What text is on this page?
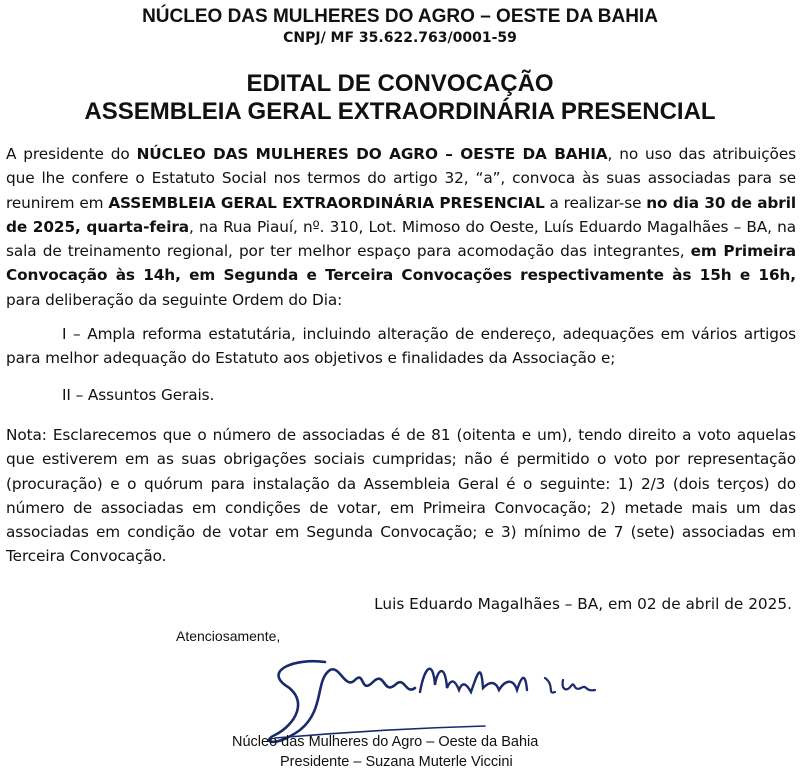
NÚCLEO DAS MULHERES DO AGRO – OESTE DA BAHIA

CNPJ/ MF 35.622.763/0001-59

EDITAL DE CONVOCAÇÃO

ASSEMBLEIA GERAL EXTRAORDINÁRIA PRESENCIAL

A presidente do NÚCLEO DAS MULHERES DO AGRO – OESTE DA BAHIA, no uso das atribuições que lhe confere o Estatuto Social nos termos do artigo 32, “a”, convoca às suas associadas para se reunirem em ASSEMBLEIA GERAL EXTRAORDINÁRIA PRESENCIAL a realizar-se no dia 30 de abril de 2025, quarta-feira, na Rua Piauí, nº. 310, Lot. Mimoso do Oeste, Luís Eduardo Magalhães – BA, na sala de treinamento regional, por ter melhor espaço para acomodação das integrantes, em Primeira Convocação às 14h, em Segunda e Terceira Convocações respectivamente às 15h e 16h, para deliberação da seguinte Ordem do Dia:

I – Ampla reforma estatutária, incluindo alteração de endereço, adequações em vários artigos para melhor adequação do Estatuto aos objetivos e finalidades da Associação e;

II – Assuntos Gerais.

Nota: Esclarecemos que o número de associadas é de 81 (oitenta e um), tendo direito a voto aquelas que estiverem em as suas obrigações sociais cumpridas; não é permitido o voto por representação (procuração) e o quórum para instalação da Assembleia Geral é o seguinte: 1) 2/3 (dois terços) do número de associadas em condições de votar, em Primeira Convocação; 2) metade mais um das associadas em condição de votar em Segunda Convocação; e 3) mínimo de 7 (sete) associadas em Terceira Convocação.

Luis Eduardo Magalhães – BA, em 02 de abril de 2025.

Atenciosamente,

Núcleo das Mulheres do Agro – Oeste da Bahia

Presidente – Suzana Muterle Viccini
